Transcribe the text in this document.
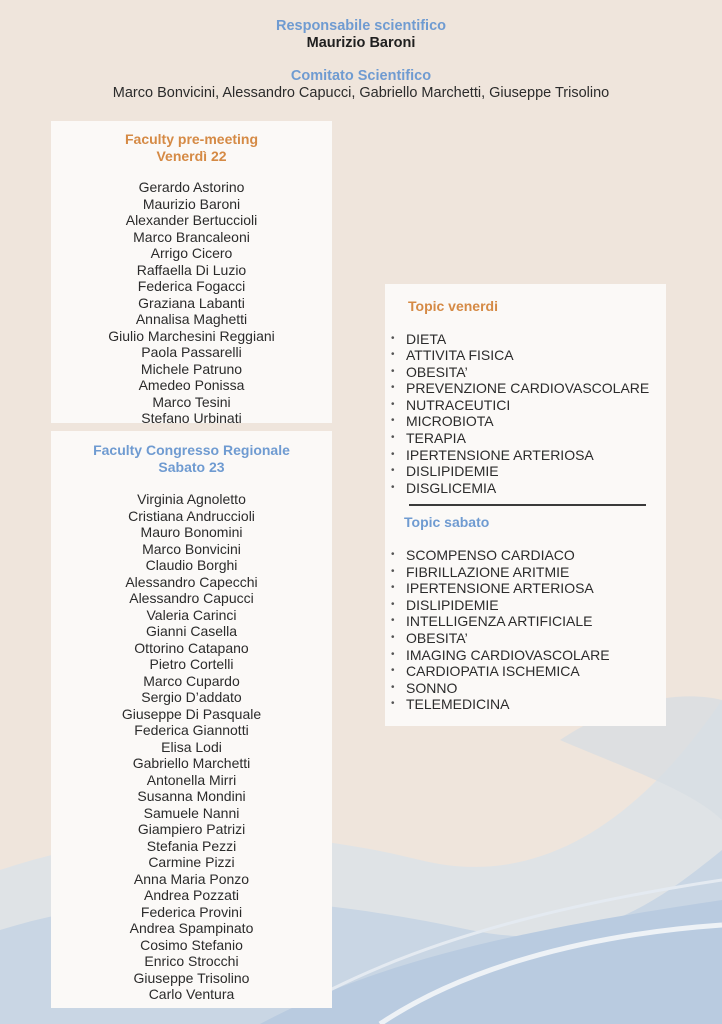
Responsabile scientifico
Maurizio Baroni
Comitato Scientifico
Marco Bonvicini, Alessandro Capucci, Gabriello Marchetti, Giuseppe Trisolino
Faculty pre-meeting
Venerdì 22
Gerardo Astorino
Maurizio Baroni
Alexander Bertuccioli
Marco Brancaleoni
Arrigo Cicero
Raffaella Di Luzio
Federica Fogacci
Graziana Labanti
Annalisa Maghetti
Giulio Marchesini Reggiani
Paola Passarelli
Michele Patruno
Amedeo Ponissa
Marco Tesini
Stefano Urbinati
Faculty Congresso Regionale
Sabato 23
Virginia Agnoletto
Cristiana Andruccioli
Mauro Bonomini
Marco Bonvicini
Claudio Borghi
Alessandro Capecchi
Alessandro Capucci
Valeria Carinci
Gianni Casella
Ottorino Catapano
Pietro Cortelli
Marco Cupardo
Sergio D’addato
Giuseppe Di Pasquale
Federica Giannotti
Elisa Lodi
Gabriello Marchetti
Antonella Mirri
Susanna Mondini
Samuele Nanni
Giampiero Patrizi
Stefania Pezzi
Carmine Pizzi
Anna Maria Ponzo
Andrea Pozzati
Federica Provini
Andrea Spampinato
Cosimo Stefanio
Enrico Strocchi
Giuseppe Trisolino
Carlo Ventura
Topic venerdi
• DIETA
• ATTIVITA FISICA
• OBESITA’
• PREVENZIONE CARDIOVASCOLARE
• NUTRACEUTICI
• MICROBIOTA
• TERAPIA
• IPERTENSIONE ARTERIOSA
• DISLIPIDEMIE
• DISGLICEMIA
Topic sabato
• SCOMPENSO CARDIACO
• FIBRILLAZIONE ARITMIE
• IPERTENSIONE ARTERIOSA
• DISLIPIDEMIE
• INTELLIGENZA ARTIFICIALE
• OBESITA’
• IMAGING CARDIOVASCOLARE
• CARDIOPATIA ISCHEMICA
• SONNO
• TELEMEDICINA
